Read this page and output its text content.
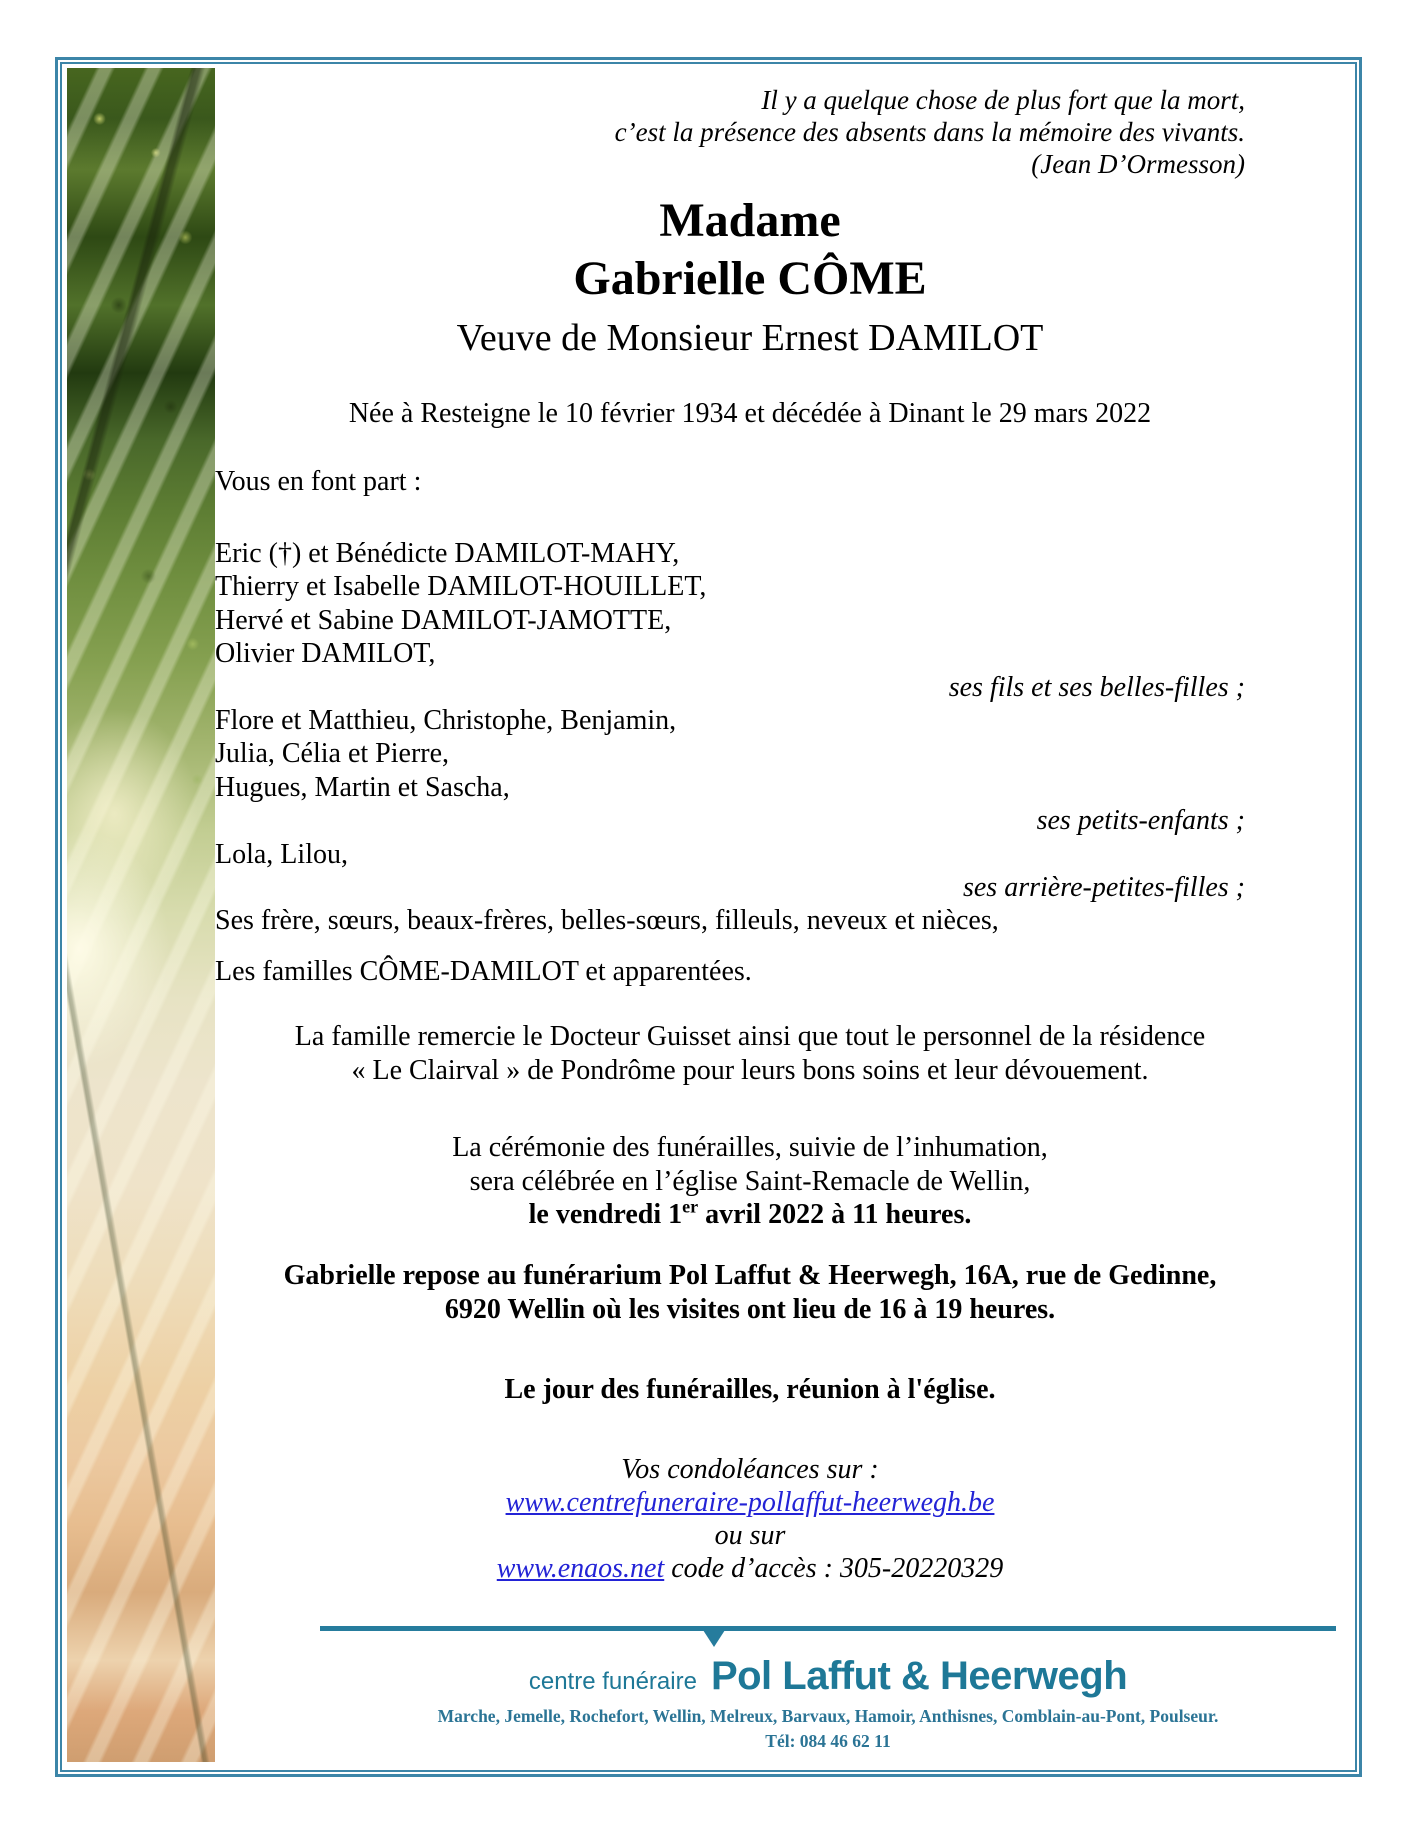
Il y a quelque chose de plus fort que la mort,
c’est la présence des absents dans la mémoire des vivants.
(Jean D’Ormesson)
Madame
Gabrielle CÔME
Veuve de Monsieur Ernest DAMILOT
Née à Resteigne le 10 février 1934 et décédée à Dinant le 29 mars 2022
Vous en font part :
Eric (†) et Bénédicte DAMILOT-MAHY,
Thierry et Isabelle DAMILOT-HOUILLET,
Hervé et Sabine DAMILOT-JAMOTTE,
Olivier DAMILOT,
ses fils et ses belles-filles ;
Flore et Matthieu, Christophe, Benjamin,
Julia, Célia et Pierre,
Hugues, Martin et Sascha,
ses petits-enfants ;
Lola, Lilou,
ses arrière-petites-filles ;
Ses frère, sœurs, beaux-frères, belles-sœurs, filleuls, neveux et nièces,
Les familles CÔME-DAMILOT et apparentées.
La famille remercie le Docteur Guisset ainsi que tout le personnel de la résidence
« Le Clairval » de Pondrôme pour leurs bons soins et leur dévouement.
La cérémonie des funérailles, suivie de l’inhumation,
sera célébrée en l’église Saint-Remacle de Wellin,
le vendredi 1er avril 2022 à 11 heures.
Gabrielle repose au funérarium Pol Laffut & Heerwegh, 16A, rue de Gedinne,
6920 Wellin où les visites ont lieu de 16 à 19 heures.
Le jour des funérailles, réunion à l'église.
Vos condoléances sur :
www.centrefuneraire-pollaffut-heerwegh.be
ou sur
www.enaos.net code d’accès : 305-20220329
centre funéraire Pol Laffut & Heerwegh
Marche, Jemelle, Rochefort, Wellin, Melreux, Barvaux, Hamoir, Anthisnes, Comblain-au-Pont, Poulseur.
Tél: 084 46 62 11
